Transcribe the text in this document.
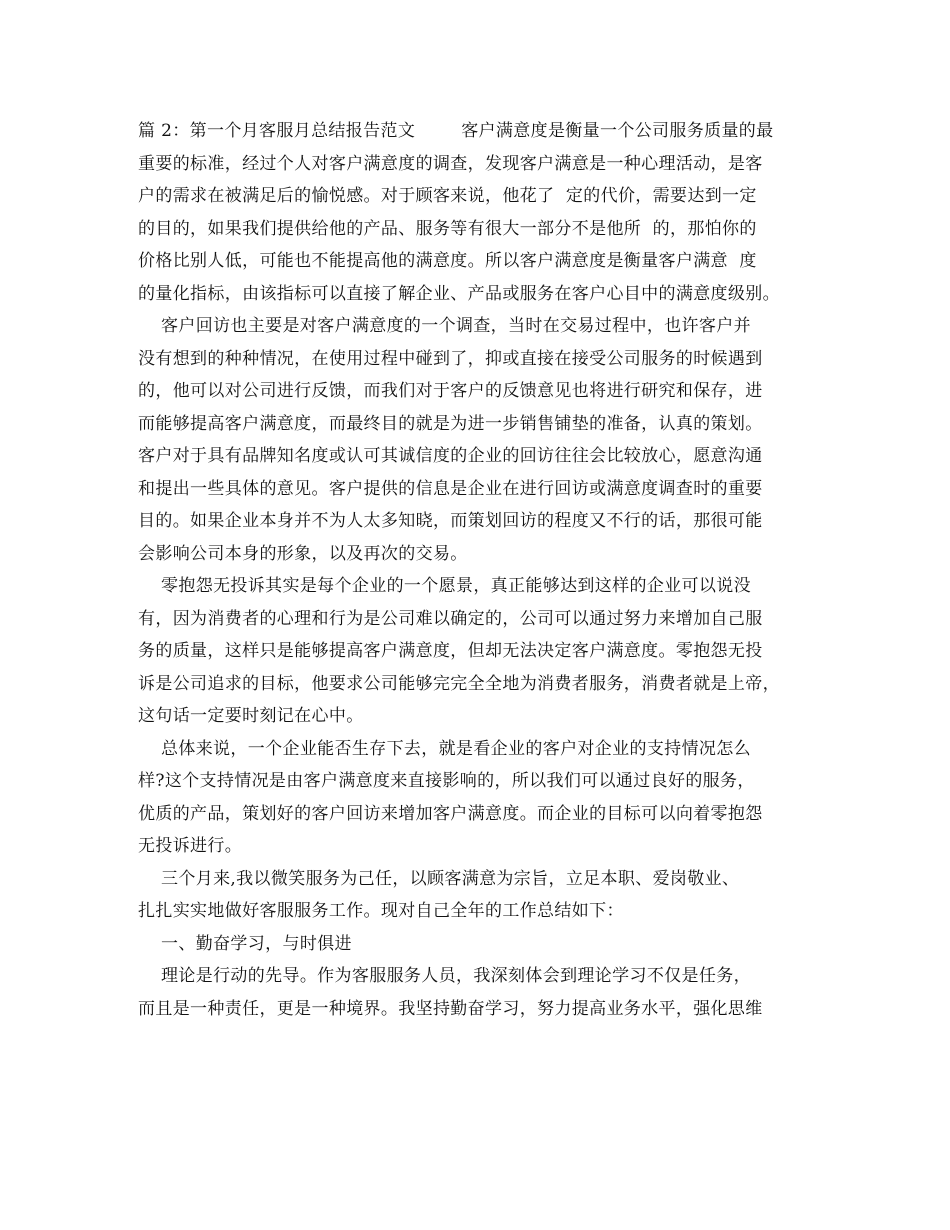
篇 2：第一个月客服月总结报告范文        客户满意度是衡量一个公司服务质量的最
重要的标准，经过个人对客户满意度的调查，发现客户满意是一种心理活动，是客
户的需求在被满足后的愉悦感。对于顾客来说，他花了  定的代价，需要达到一定
的目的，如果我们提供给他的产品、服务等有很大一部分不是他所  的，那怕你的
价格比别人低，可能也不能提高他的满意度。所以客户满意度是衡量客户满意  度
的量化指标，由该指标可以直接了解企业、产品或服务在客户心目中的满意度级别。
客户回访也主要是对客户满意度的一个调查，当时在交易过程中，也许客户并
没有想到的种种情况，在使用过程中碰到了，抑或直接在接受公司服务的时候遇到
的，他可以对公司进行反馈，而我们对于客户的反馈意见也将进行研究和保存，进
而能够提高客户满意度，而最终目的就是为进一步销售铺垫的准备，认真的策划。
客户对于具有品牌知名度或认可其诚信度的企业的回访往往会比较放心，愿意沟通
和提出一些具体的意见。客户提供的信息是企业在进行回访或满意度调查时的重要
目的。如果企业本身并不为人太多知晓，而策划回访的程度又不行的话，那很可能
会影响公司本身的形象，以及再次的交易。
零抱怨无投诉其实是每个企业的一个愿景，真正能够达到这样的企业可以说没
有，因为消费者的心理和行为是公司难以确定的，公司可以通过努力来增加自己服
务的质量，这样只是能够提高客户满意度，但却无法决定客户满意度。零抱怨无投
诉是公司追求的目标，他要求公司能够完完全全地为消费者服务，消费者就是上帝，
这句话一定要时刻记在心中。
总体来说，一个企业能否生存下去，就是看企业的客户对企业的支持情况怎么
样?这个支持情况是由客户满意度来直接影响的，所以我们可以通过良好的服务，
优质的产品，策划好的客户回访来增加客户满意度。而企业的目标可以向着零抱怨
无投诉进行。
三个月来,我以微笑服务为己任，以顾客满意为宗旨，立足本职、爱岗敬业、
扎扎实实地做好客服服务工作。现对自己全年的工作总结如下：
一、勤奋学习，与时俱进
理论是行动的先导。作为客服服务人员，我深刻体会到理论学习不仅是任务，
而且是一种责任，更是一种境界。我坚持勤奋学习，努力提高业务水平，强化思维
